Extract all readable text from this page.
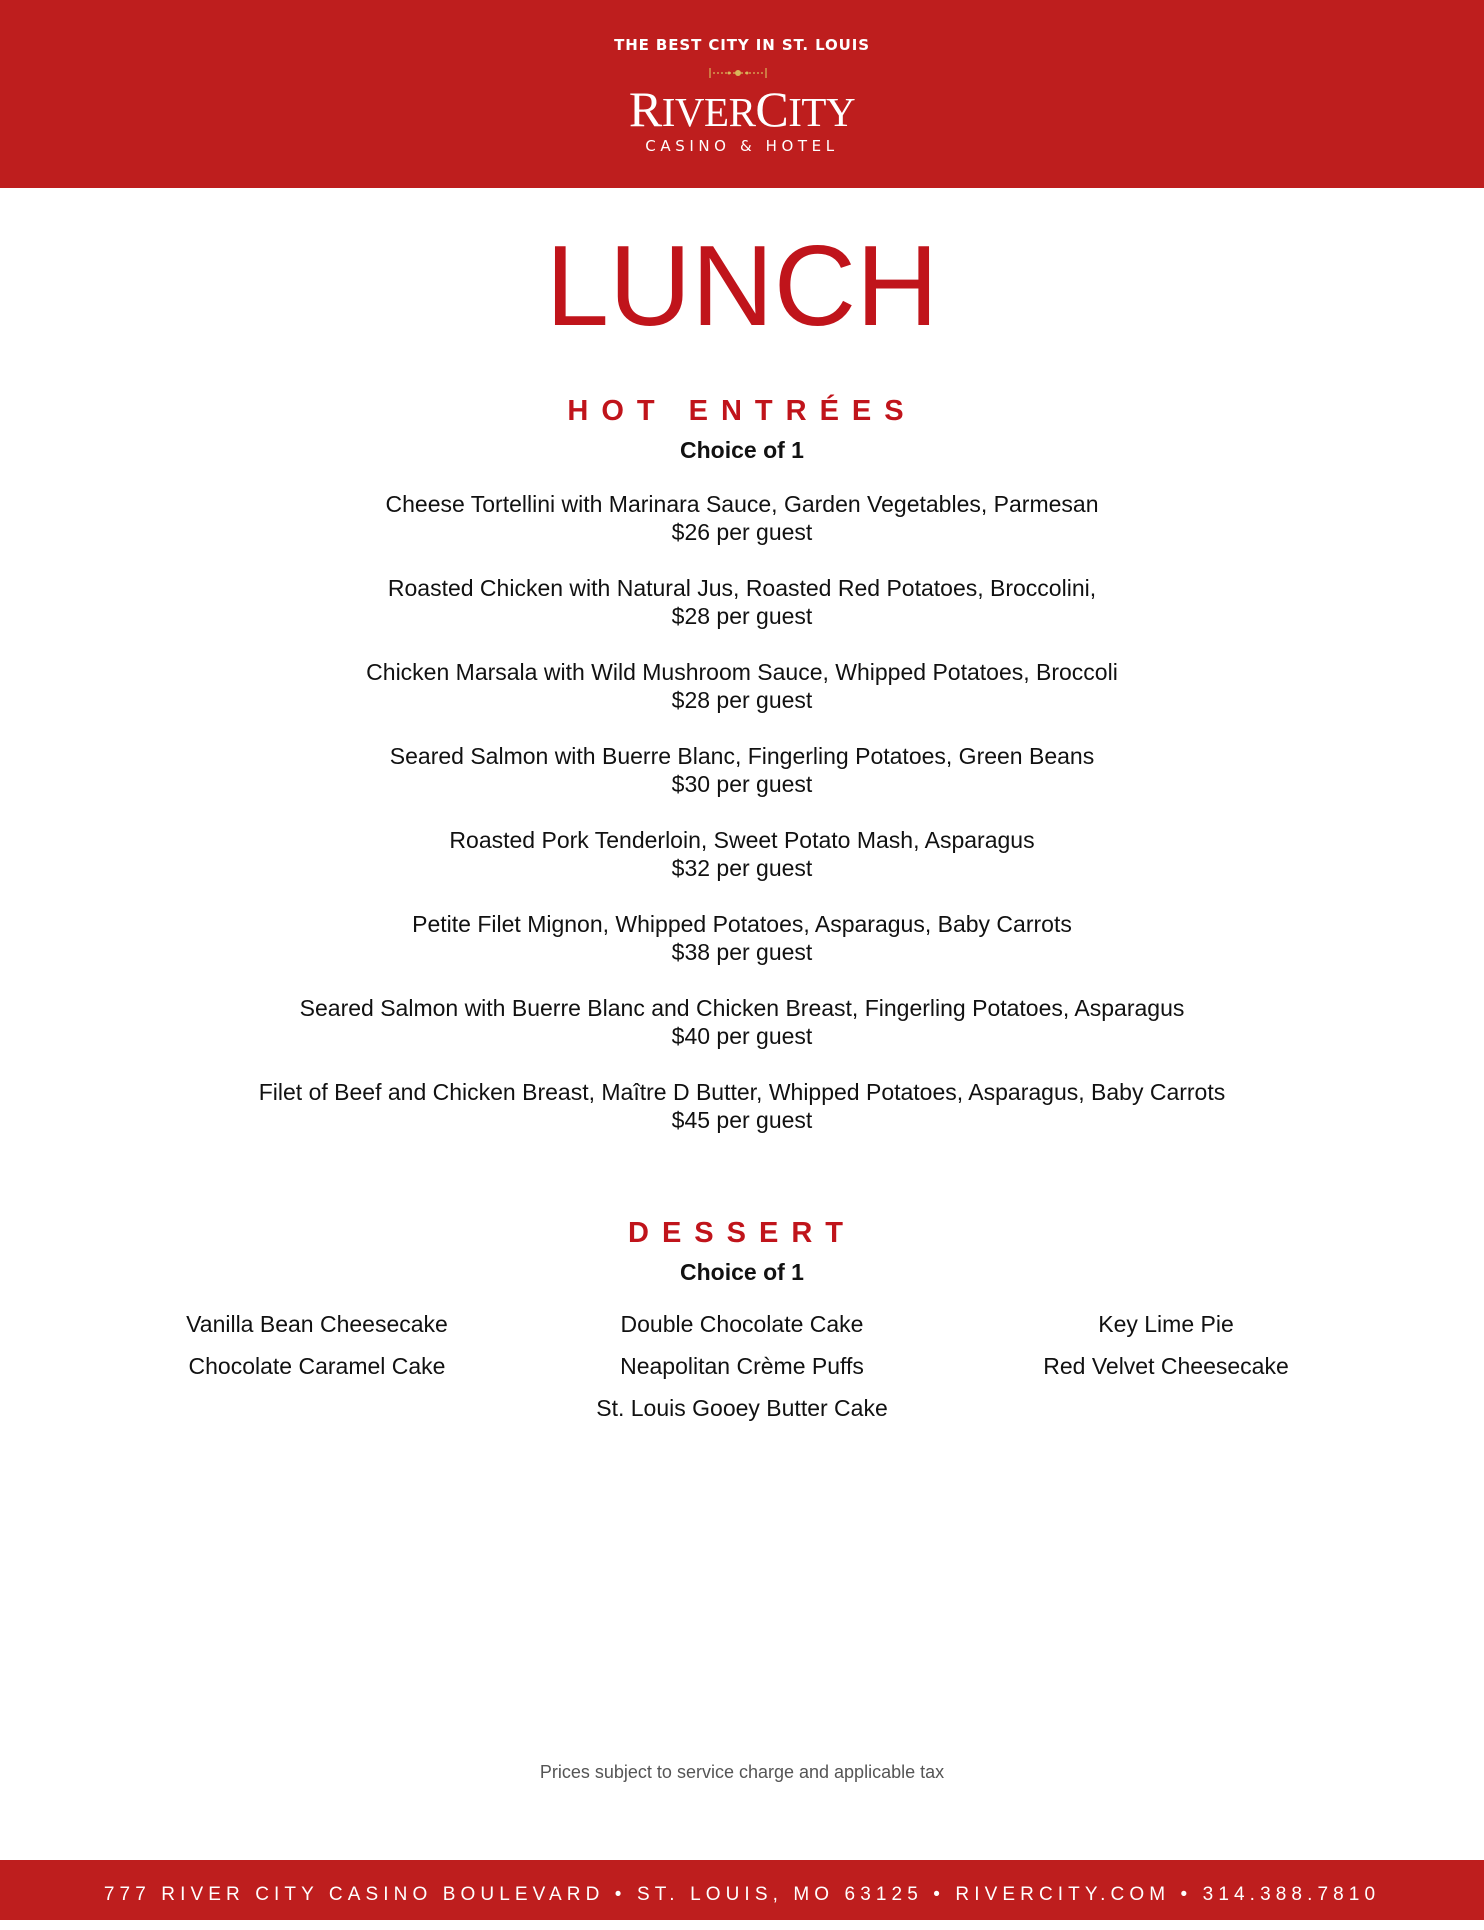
THE BEST CITY IN ST. LOUIS
RIVERCITY
CASINO & HOTEL
LUNCH
HOT ENTRÉES
Choice of 1
Cheese Tortellini with Marinara Sauce, Garden Vegetables, Parmesan
$26 per guest
Roasted Chicken with Natural Jus, Roasted Red Potatoes, Broccolini,
$28 per guest
Chicken Marsala with Wild Mushroom Sauce, Whipped Potatoes, Broccoli
$28 per guest
Seared Salmon with Buerre Blanc, Fingerling Potatoes, Green Beans
$30 per guest
Roasted Pork Tenderloin, Sweet Potato Mash, Asparagus
$32 per guest
Petite Filet Mignon, Whipped Potatoes, Asparagus, Baby Carrots
$38 per guest
Seared Salmon with Buerre Blanc and Chicken Breast, Fingerling Potatoes, Asparagus
$40 per guest
Filet of Beef and Chicken Breast, Maître D Butter, Whipped Potatoes, Asparagus, Baby Carrots
$45 per guest
DESSERT
Choice of 1
Vanilla Bean Cheesecake
Chocolate Caramel Cake
Double Chocolate Cake
Neapolitan Crème Puffs
St. Louis Gooey Butter Cake
Key Lime Pie
Red Velvet Cheesecake
Prices subject to service charge and applicable tax
777 RIVER CITY CASINO BOULEVARD • ST. LOUIS, MO 63125 • RIVERCITY.COM • 314.388.7810
